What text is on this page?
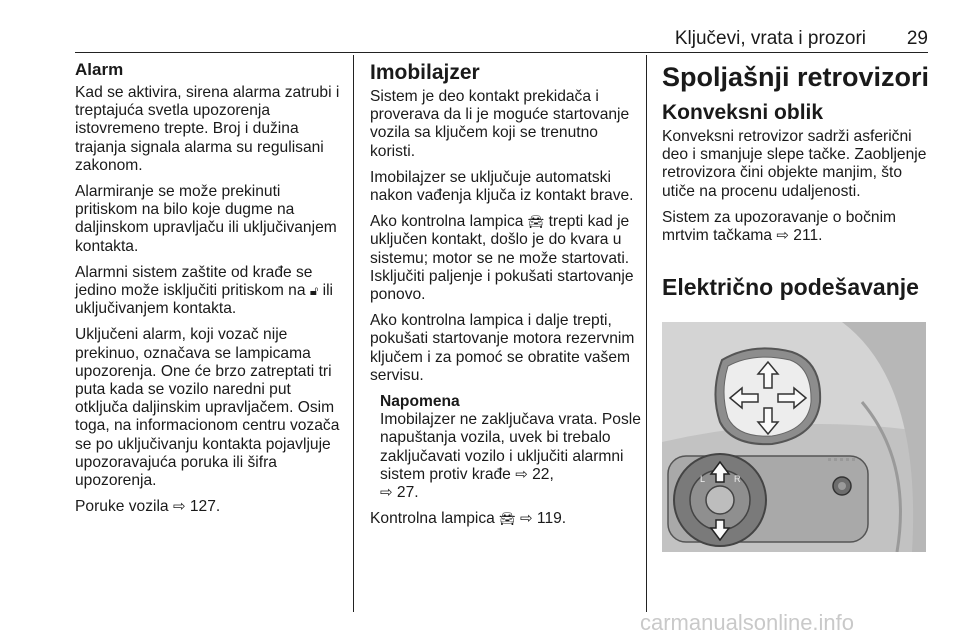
Ključevi, vrata i prozori 29
Alarm

Kad se aktivira, sirena alarma zatrubi i treptajuća svetla upozorenja istovremeno trepte. Broj i dužina trajanja signala alarma su regulisani zakonom.

Alarmiranje se može prekinuti pritiskom na bilo koje dugme na daljinskom upravljaču ili uključivanjem kontakta.

Alarmni sistem zaštite od krađe se jedino može isključiti pritiskom na 🔓︎ ili uključivanjem kontakta.

Uključeni alarm, koji vozač nije prekinuo, označava se lampicama upozorenja. One će brzo zatreptati tri puta kada se vozilo naredni put otključa daljinskim upravljačem. Osim toga, na informacionom centru vozača se po uključivanju kontakta pojavljuje upozoravajuća poruka ili šifra upozorenja.

Poruke vozila ⇨ 127.

Imobilajzer

Sistem je deo kontakt prekidača i proverava da li je moguće startovanje vozila sa ključem koji se trenutno koristi.

Imobilajzer se uključuje automatski nakon vađenja ključa iz kontakt brave.

Ako kontrolna lampica 🚘︎ trepti kad je uključen kontakt, došlo je do kvara u sistemu; motor se ne može startovati. Isključiti paljenje i pokušati startovanje ponovo.

Ako kontrolna lampica i dalje trepti, pokušati startovanje motora rezervnim ključem i za pomoć se obratite vašem servisu.

Napomena
Imobilajzer ne zaključava vrata. Posle napuštanja vozila, uvek bi trebalo zaključavati vozilo i uključiti alarmni sistem protiv krađe ⇨ 22,
⇨ 27.

Kontrolna lampica 🚘︎ ⇨ 119.

Spoljašnji retrovizori
Konveksni oblik

Konveksni retrovizor sadrži asferični deo i smanjuje slepe tačke. Zaobljenje retrovizora čini objekte manjim, što utiče na procenu udaljenosti.

Sistem za upozoravanje o bočnim mrtvim tačkama ⇨ 211.

Električno podešavanje
L	R
carmanualsonline.info
